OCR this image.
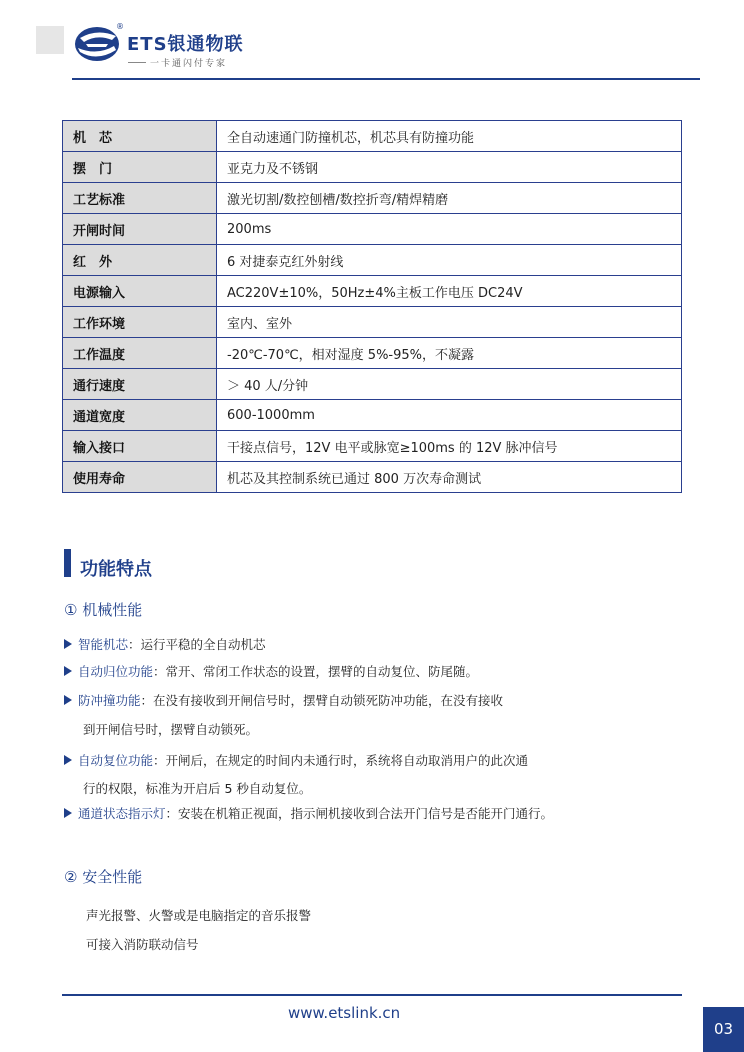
®
ETS银通物联
一卡通闪付专家
机　芯	全自动速通门防撞机芯，机芯具有防撞功能
摆　门	亚克力及不锈钢
工艺标准	激光切割/数控刨槽/数控折弯/精焊精磨
开闸时间	200ms
红　外	6 对捷泰克红外射线
电源输入	AC220V±10%，50Hz±4%主板工作电压 DC24V
工作环境	室内、室外
工作温度	-20℃-70℃，相对湿度 5%-95%，不凝露
通行速度	＞ 40 人/分钟
通道宽度	600-1000mm
输入接口	干接点信号，12V 电平或脉宽≥100ms 的 12V 脉冲信号
使用寿命	机芯及其控制系统已通过 800 万次寿命测试
功能特点
① 机械性能
智能机芯：运行平稳的全自动机芯
自动归位功能：常开、常闭工作状态的设置，摆臂的自动复位、防尾随。
防冲撞功能：在没有接收到开闸信号时，摆臂自动锁死防冲功能，在没有接收
到开闸信号时，摆臂自动锁死。
自动复位功能：开闸后，在规定的时间内未通行时，系统将自动取消用户的此次通
行的权限，标准为开启后 5 秒自动复位。
通道状态指示灯：安装在机箱正视面，指示闸机接收到合法开门信号是否能开门通行。
② 安全性能
声光报警、火警或是电脑指定的音乐报警
可接入消防联动信号
www.etslink.cn
03
